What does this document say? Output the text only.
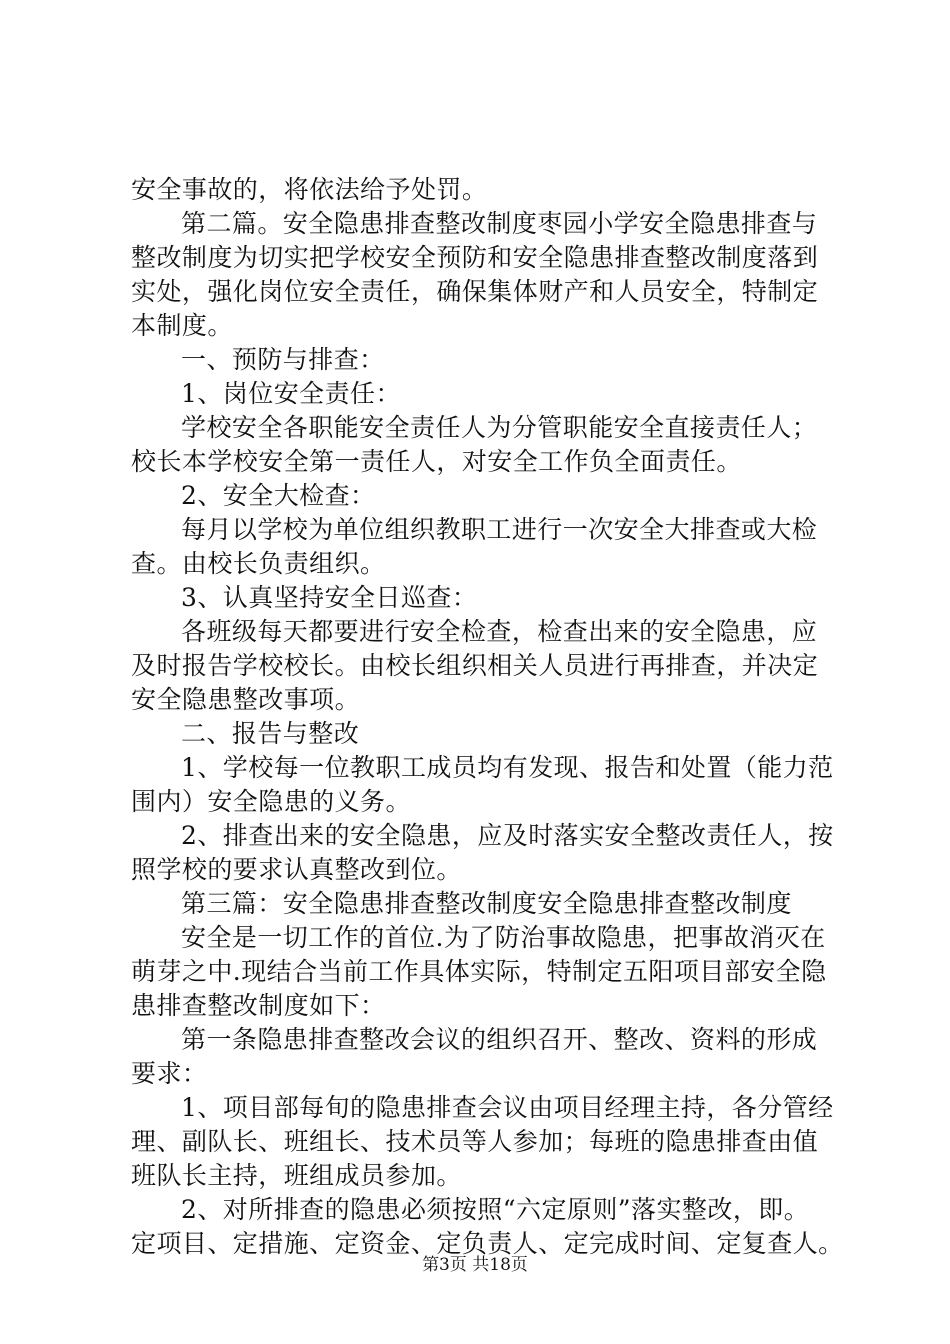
安全事故的，将依法给予处罚。
第二篇。安全隐患排查整改制度枣园小学安全隐患排查与
整改制度为切实把学校安全预防和安全隐患排查整改制度落到
实处，强化岗位安全责任，确保集体财产和人员安全，特制定
本制度。
一、预防与排查：
1、岗位安全责任：
学校安全各职能安全责任人为分管职能安全直接责任人；
校长本学校安全第一责任人，对安全工作负全面责任。
2、安全大检查：
每月以学校为单位组织教职工进行一次安全大排查或大检
查。由校长负责组织。
3、认真坚持安全日巡查：
各班级每天都要进行安全检查，检查出来的安全隐患，应
及时报告学校校长。由校长组织相关人员进行再排查，并决定
安全隐患整改事项。
二、报告与整改
1、学校每一位教职工成员均有发现、报告和处置（能力范
围内）安全隐患的义务。
2、排查出来的安全隐患，应及时落实安全整改责任人，按
照学校的要求认真整改到位。
第三篇：安全隐患排查整改制度安全隐患排查整改制度
安全是一切工作的首位.为了防治事故隐患，把事故消灭在
萌芽之中.现结合当前工作具体实际，特制定五阳项目部安全隐
患排查整改制度如下：
第一条隐患排查整改会议的组织召开、整改、资料的形成
要求：
1、项目部每旬的隐患排查会议由项目经理主持，各分管经
理、副队长、班组长、技术员等人参加；每班的隐患排查由值
班队长主持，班组成员参加。
2、对所排查的隐患必须按照“六定原则”落实整改，即。
定项目、定措施、定资金、定负责人、定完成时间、定复查人。
第3页 共18页
